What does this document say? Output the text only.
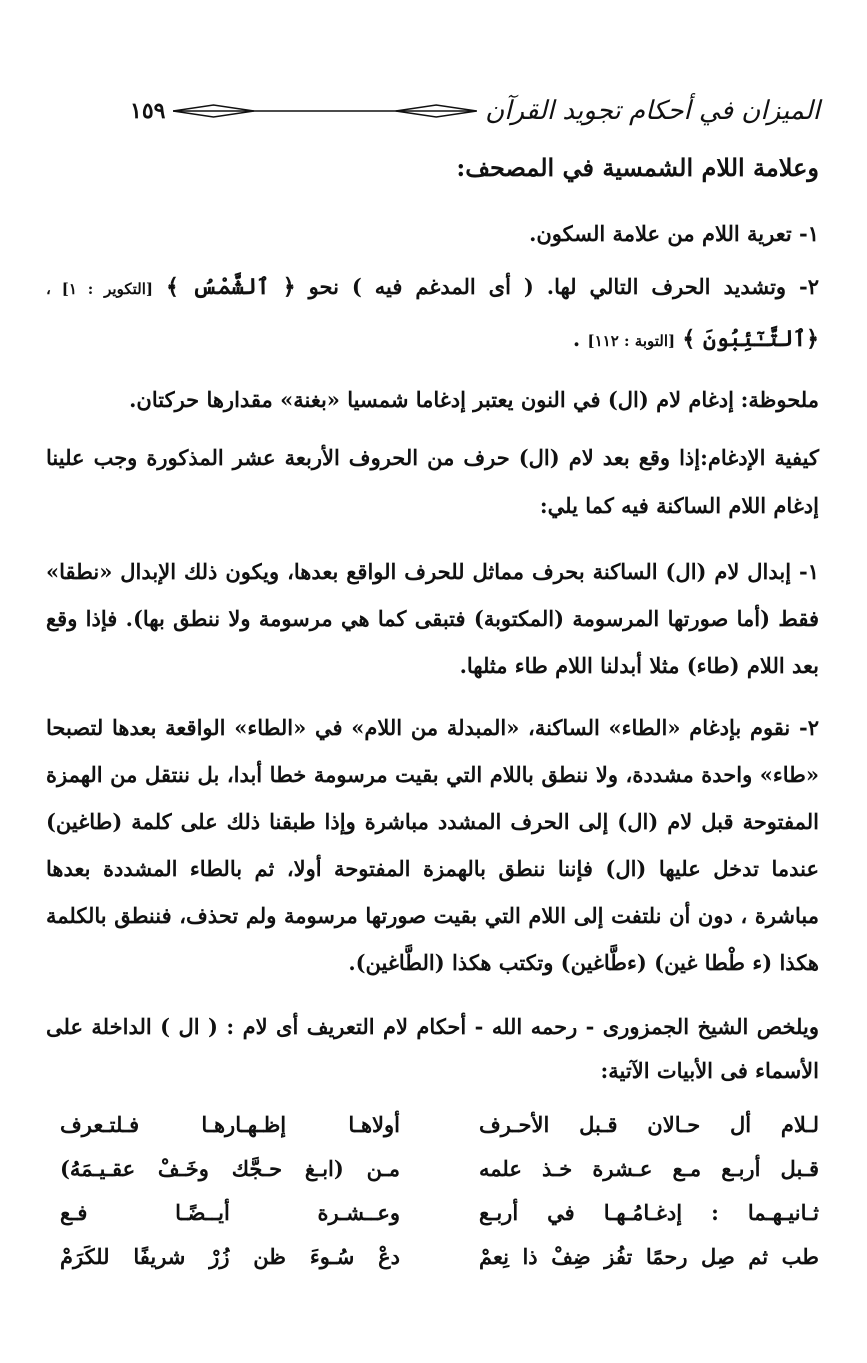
الميزان في أحكام تجويد القرآن
١٥٩
وعلامة اللام الشمسية في المصحف:
١- تعرية اللام من علامة السكون.
٢- وتشديد الحرف التالي لها. ( أى المدغم فيه ) نحو ﴿ ٱلشَّمْسُ ﴾ [التكوير : ١] ، ﴿ٱلتَّـٰٓئِبُونَ ﴾ [التوبة : ١١٢] .
ملحوظة: إدغام لام (ال) في النون يعتبر إدغاما شمسيا «بغنة» مقدارها حركتان.
كيفية الإدغام:إذا وقع بعد لام (ال) حرف من الحروف الأربعة عشر المذكورة وجب علينا إدغام اللام الساكنة فيه كما يلي:
١- إبدال لام (ال) الساكنة بحرف مماثل للحرف الواقع بعدها، ويكون ذلك الإبدال «نطقا» فقط (أما صورتها المرسومة (المكتوبة) فتبقى كما هي مرسومة ولا ننطق بها). فإذا وقع بعد اللام (طاء) مثلا أبدلنا اللام طاء مثلها.
٢- نقوم بإدغام «الطاء» الساكنة، «المبدلة من اللام» في «الطاء» الواقعة بعدها لتصبحا «طاء» واحدة مشددة، ولا ننطق باللام التي بقيت مرسومة خطا أبدا، بل ننتقل من الهمزة المفتوحة قبل لام (ال) إلى الحرف المشدد مباشرة وإذا طبقنا ذلك على كلمة (طاغين) عندما تدخل عليها (ال) فإننا ننطق بالهمزة المفتوحة أولا، ثم بالطاء المشددة بعدها مباشرة ، دون أن نلتفت إلى اللام التي بقيت صورتها مرسومة ولم تحذف، فننطق بالكلمة هكذا (ء طْطا غين) (ءطَّاغين) وتكتب هكذا (الطَّاغين).
ويلخص الشيخ الجمزورى - رحمه الله - أحكام لام التعريف أى لام : ( ال ) الداخلة على الأسماء فى الأبيات الآتية:
لـلام أل حـالان قـبل الأحـرف
أولاهـا إظـهـارهـا فـلتـعرف
قـبل أربـع مـع عـشرة خـذ علمه
مـن (ابـغ حـجَّك وخَـفْ عقـيـمَهُ)
ثـانيـهـما : إدغـامُـهـا في أربـع
وعــشـرة أيــضًـا فـع
طب ثم صِل رحمًا تفُز ضِفْ ذا نِعمْ
دعْ سُـوءَ ظن زُرْ شريفًا للكَرَمْ
